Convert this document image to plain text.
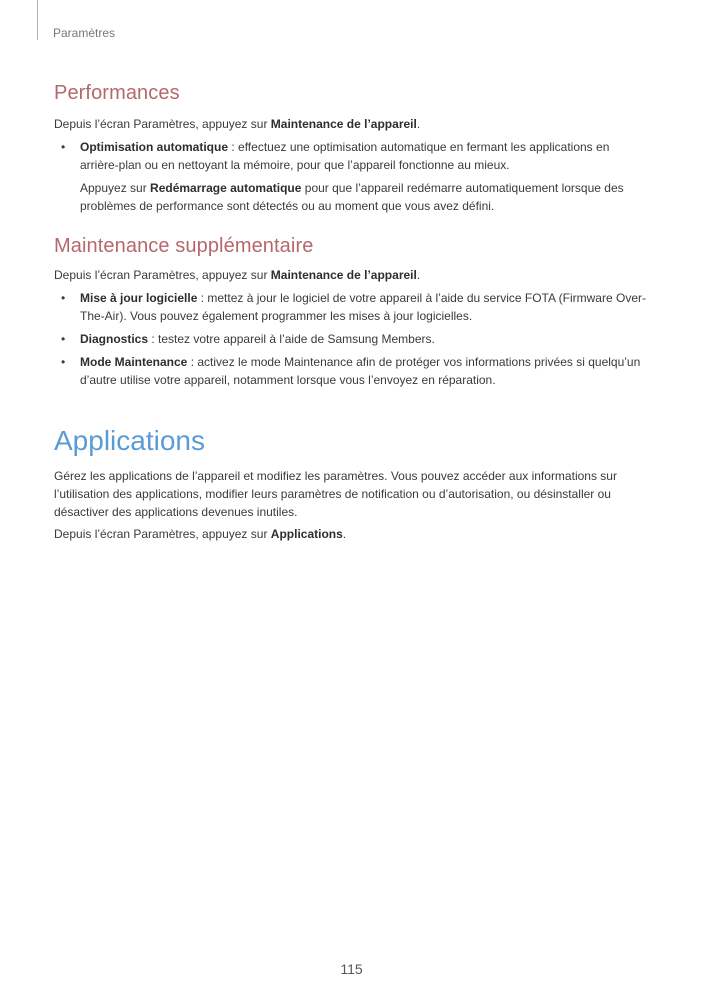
Paramètres
Performances

Depuis l’écran Paramètres, appuyez sur Maintenance de l’appareil.

• Optimisation automatique : effectuez une optimisation automatique en fermant les applications en arrière-plan ou en nettoyant la mémoire, pour que l’appareil fonctionne au mieux.

Appuyez sur Redémarrage automatique pour que l’appareil redémarre automatiquement lorsque des problèmes de performance sont détectés ou au moment que vous avez défini.

Maintenance supplémentaire

Depuis l’écran Paramètres, appuyez sur Maintenance de l’appareil.

• Mise à jour logicielle : mettez à jour le logiciel de votre appareil à l’aide du service FOTA (Firmware Over-The-Air). Vous pouvez également programmer les mises à jour logicielles.
• Diagnostics : testez votre appareil à l’aide de Samsung Members.
• Mode Maintenance : activez le mode Maintenance afin de protéger vos informations privées si quelqu’un d’autre utilise votre appareil, notamment lorsque vous l’envoyez en réparation.
Applications

Gérez les applications de l’appareil et modifiez les paramètres. Vous pouvez accéder aux informations sur l’utilisation des applications, modifier leurs paramètres de notification ou d’autorisation, ou désinstaller ou désactiver des applications devenues inutiles.

Depuis l’écran Paramètres, appuyez sur Applications.

115
